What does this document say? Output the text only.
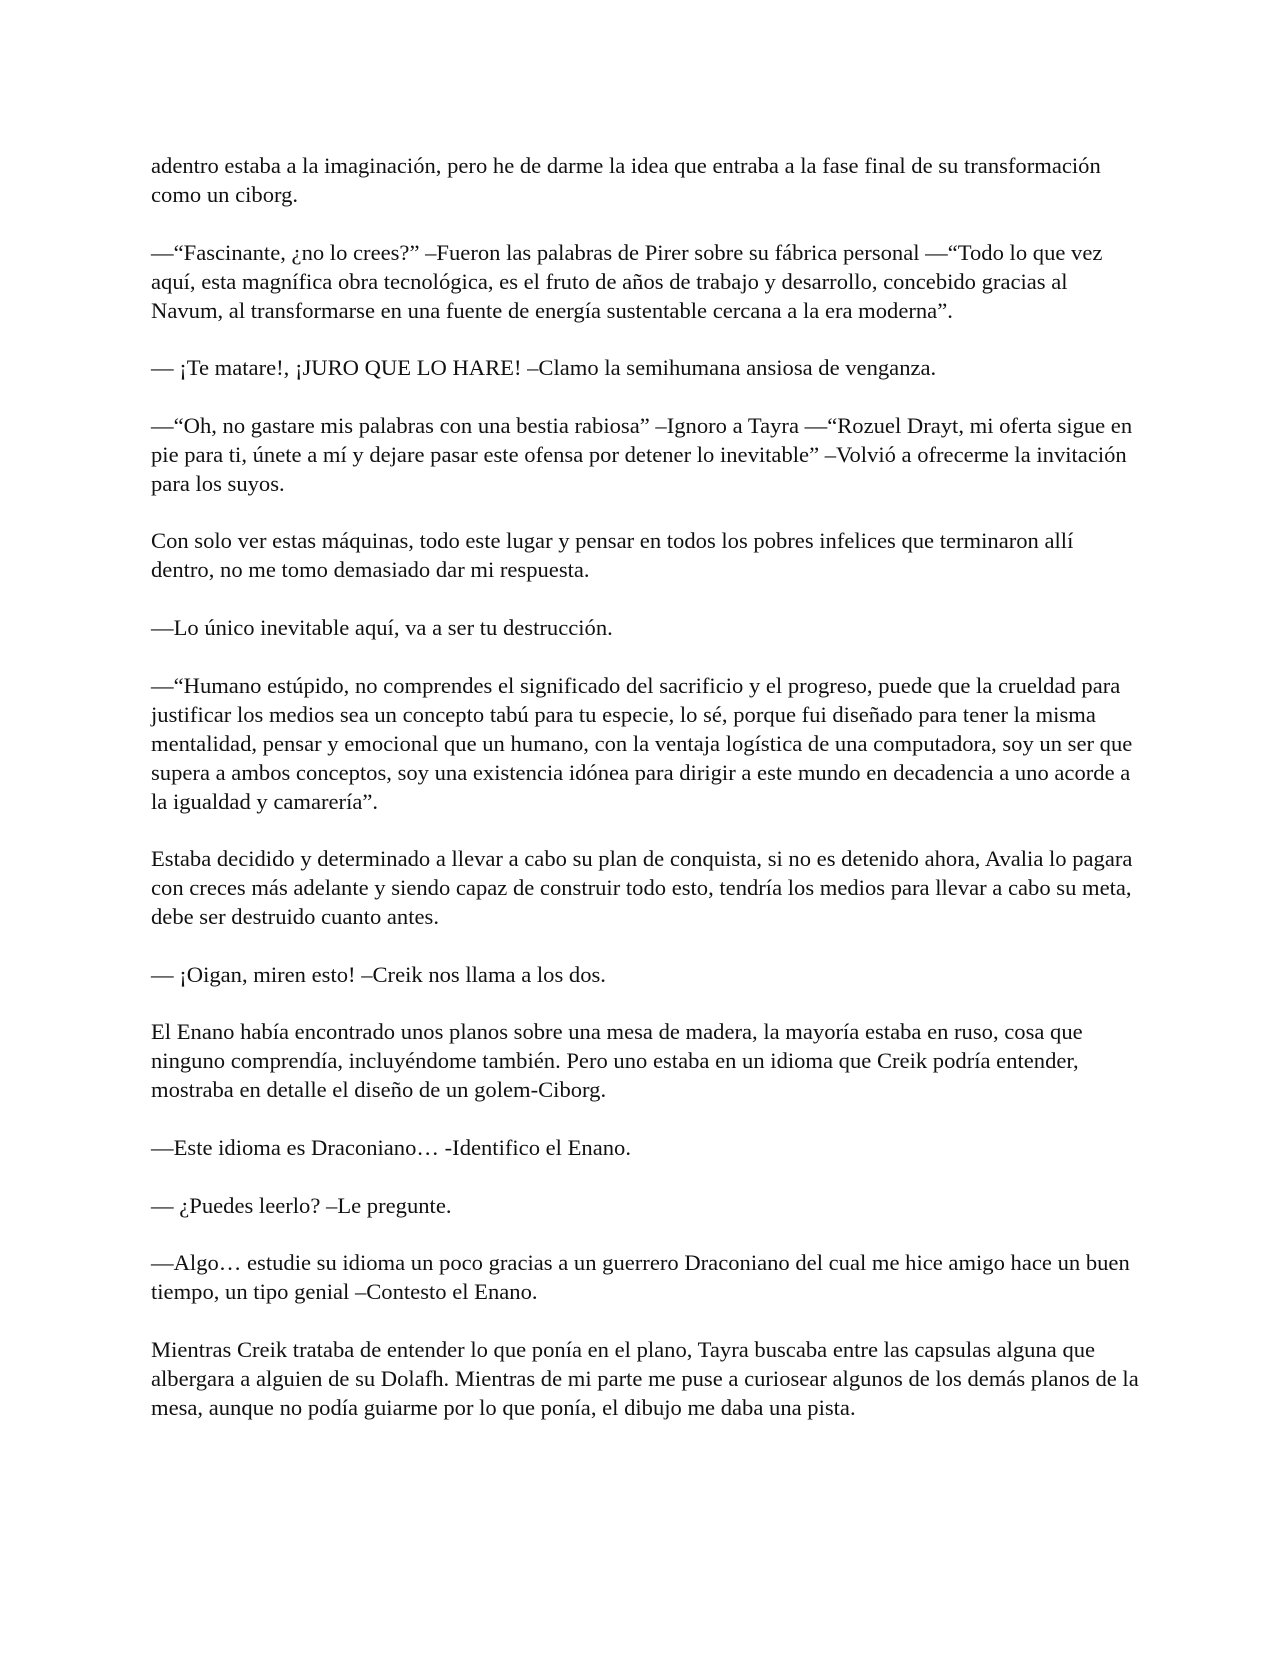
adentro estaba a la imaginación, pero he de darme la idea que entraba a la fase final de su transformación como un ciborg.

—“Fascinante, ¿no lo crees?” –Fueron las palabras de Pirer sobre su fábrica personal —“Todo lo que vez aquí, esta magnífica obra tecnológica, es el fruto de años de trabajo y desarrollo, concebido gracias al Navum, al transformarse en una fuente de energía sustentable cercana a la era moderna”.

— ¡Te matare!, ¡JURO QUE LO HARE! –Clamo la semihumana ansiosa de venganza.

—“Oh, no gastare mis palabras con una bestia rabiosa” –Ignoro a Tayra —“Rozuel Drayt, mi oferta sigue en pie para ti, únete a mí y dejare pasar este ofensa por detener lo inevitable” –Volvió a ofrecerme la invitación para los suyos.

Con solo ver estas máquinas, todo este lugar y pensar en todos los pobres infelices que terminaron allí dentro, no me tomo demasiado dar mi respuesta.

—Lo único inevitable aquí, va a ser tu destrucción.

—“Humano estúpido, no comprendes el significado del sacrificio y el progreso, puede que la crueldad para justificar los medios sea un concepto tabú para tu especie, lo sé, porque fui diseñado para tener la misma mentalidad, pensar y emocional que un humano, con la ventaja logística de una computadora, soy un ser que supera a ambos conceptos, soy una existencia idónea para dirigir a este mundo en decadencia a uno acorde a la igualdad y camarería”.

Estaba decidido y determinado a llevar a cabo su plan de conquista, si no es detenido ahora, Avalia lo pagara con creces más adelante y siendo capaz de construir todo esto, tendría los medios para llevar a cabo su meta, debe ser destruido cuanto antes.

— ¡Oigan, miren esto! –Creik nos llama a los dos.

El Enano había encontrado unos planos sobre una mesa de madera, la mayoría estaba en ruso, cosa que ninguno comprendía, incluyéndome también. Pero uno estaba en un idioma que Creik podría entender, mostraba en detalle el diseño de un golem-Ciborg.

—Este idioma es Draconiano… -Identifico el Enano.

— ¿Puedes leerlo? –Le pregunte.

—Algo… estudie su idioma un poco gracias a un guerrero Draconiano del cual me hice amigo hace un buen tiempo, un tipo genial –Contesto el Enano.

Mientras Creik trataba de entender lo que ponía en el plano, Tayra buscaba entre las capsulas alguna que albergara a alguien de su Dolafh. Mientras de mi parte me puse a curiosear algunos de los demás planos de la mesa, aunque no podía guiarme por lo que ponía, el dibujo me daba una pista.
